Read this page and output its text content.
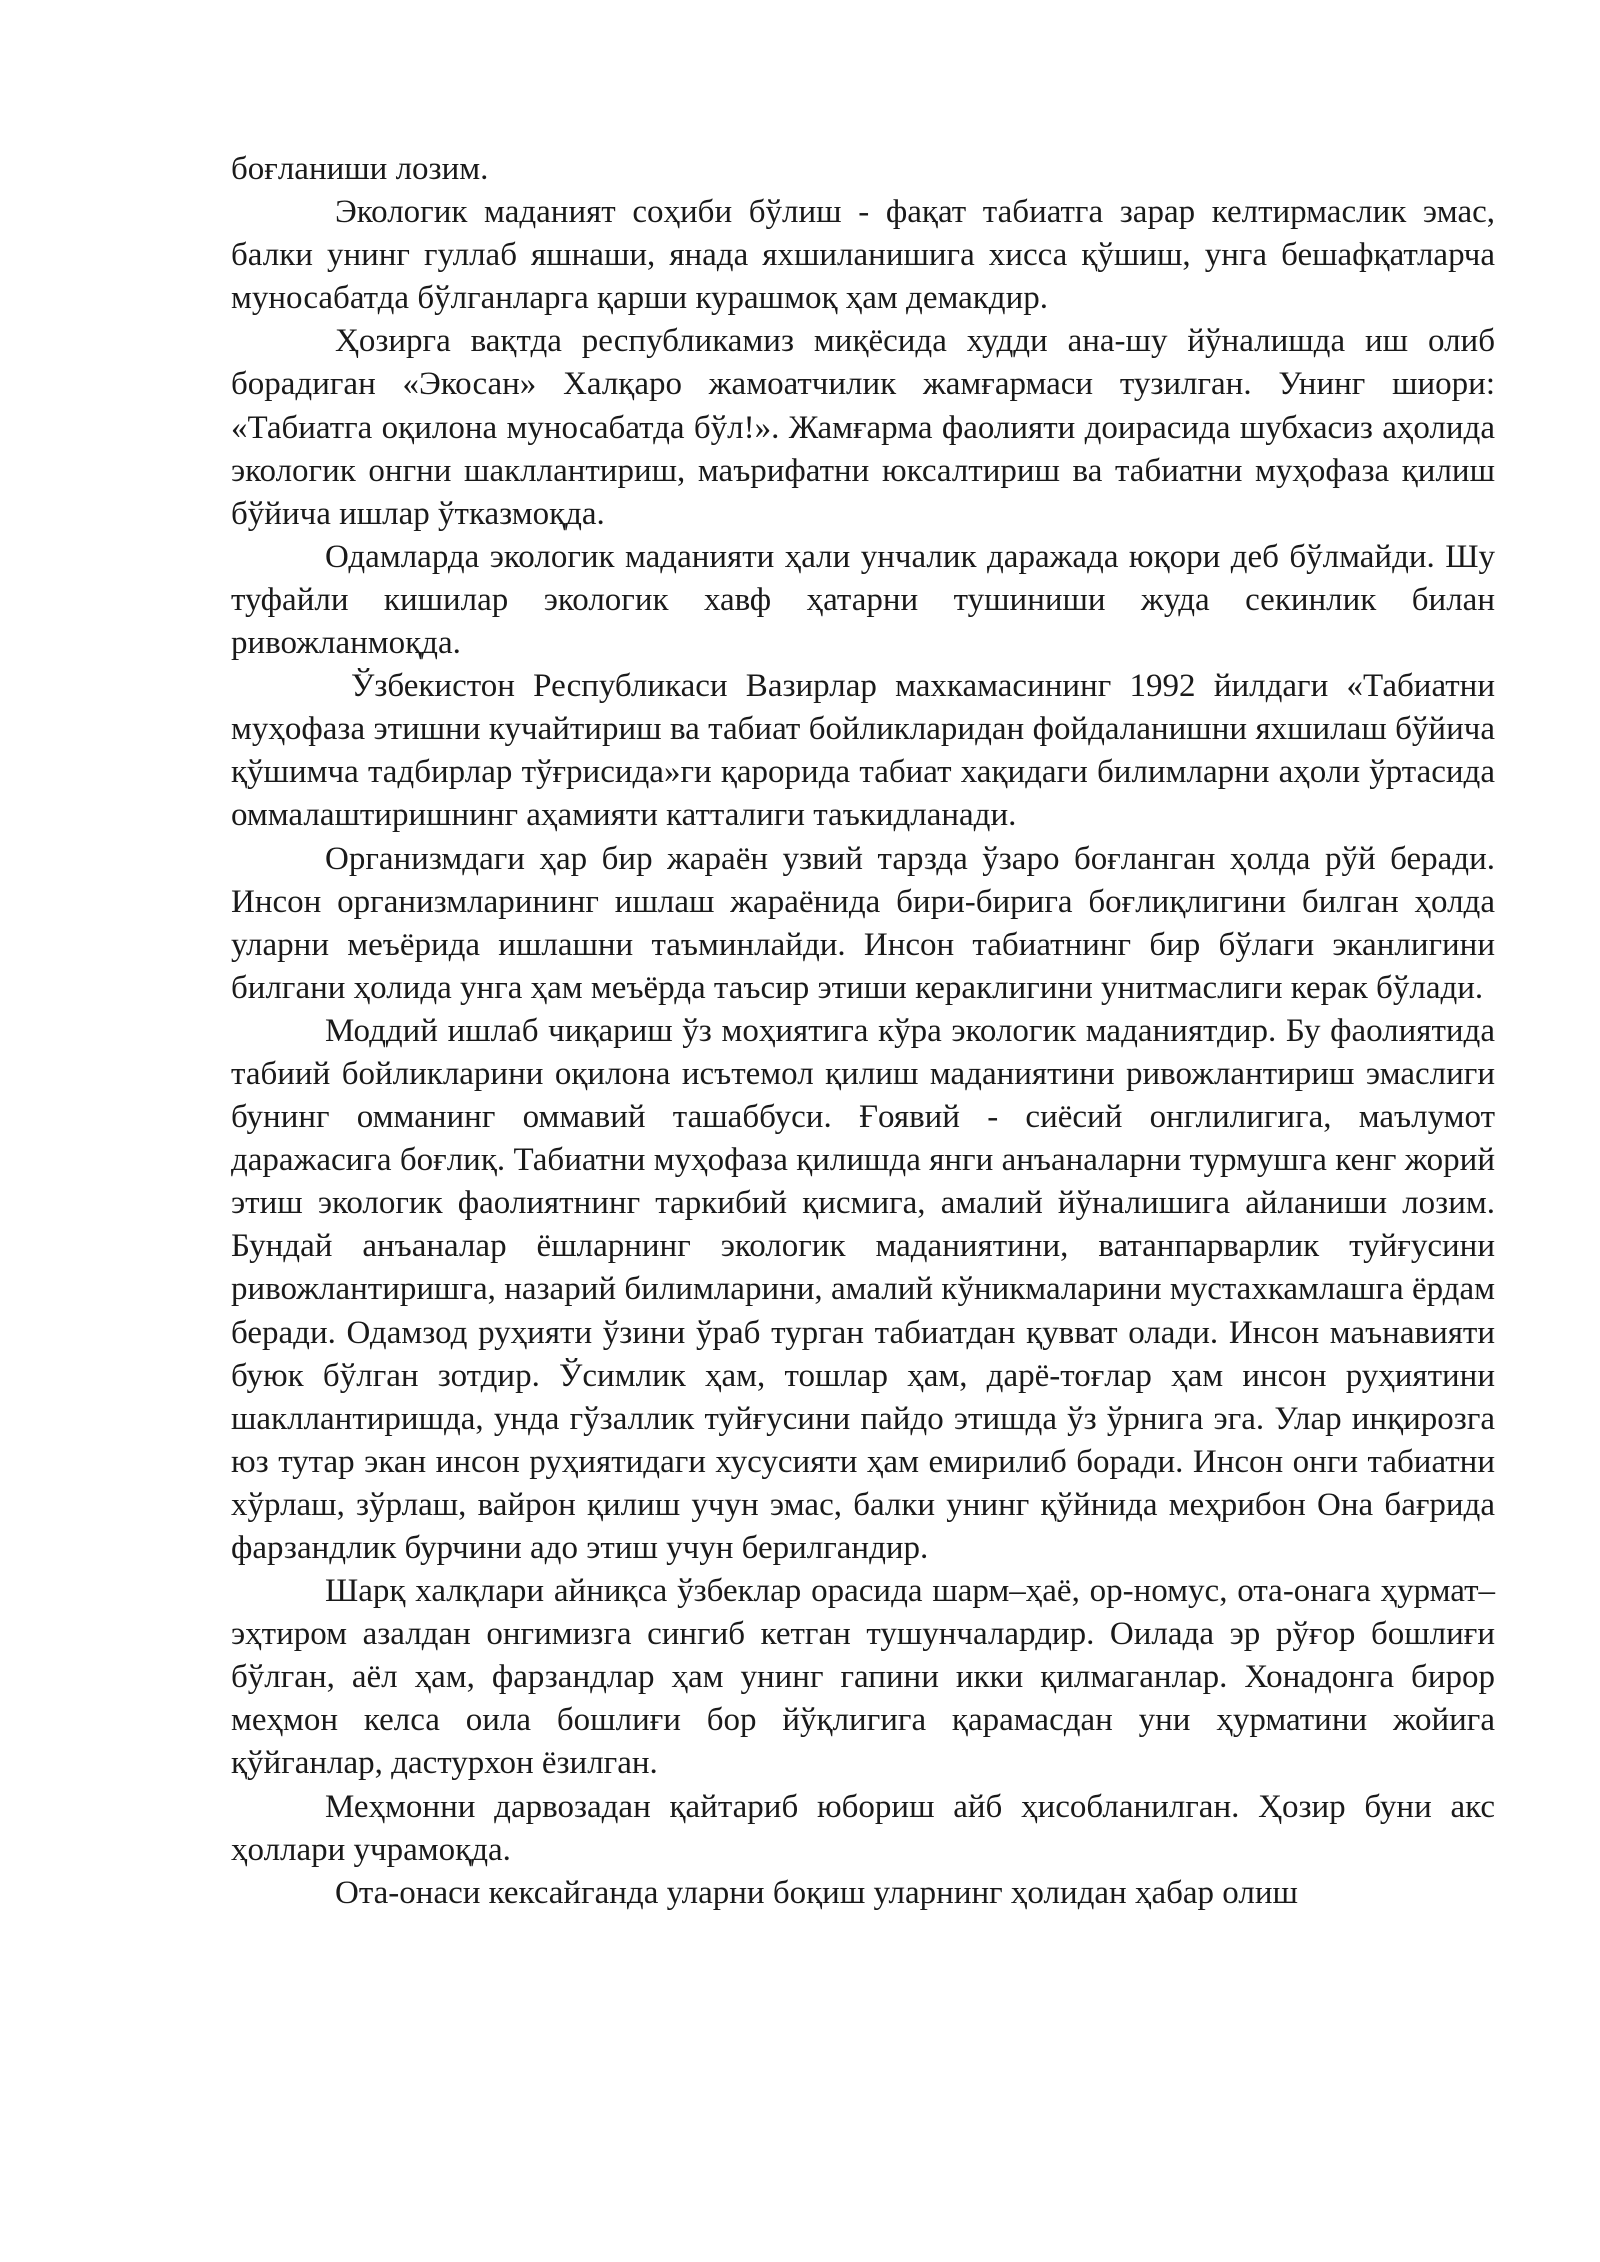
боғланиши лозим.

Экологик маданият соҳиби бўлиш - фақат табиатга зарар келтирмаслик эмас, балки унинг гуллаб яшнаши, янада яхшиланишига хисса қўшиш, унга бешафқатларча муносабатда бўлганларга қарши курашмоқ ҳам демакдир.

Ҳозирга вақтда республикамиз миқёсида худди ана-шу йўналишда иш олиб борадиган «Экосан» Халқаро жамоатчилик жамғармаси тузилган. Унинг шиори: «Табиатга оқилона муносабатда бўл!». Жамғарма фаолияти доирасида шубхасиз аҳолида экологик онгни шакллантириш, маърифатни юксалтириш ва табиатни муҳофаза қилиш бўйича ишлар ўтказмоқда.

Одамларда экологик маданияти ҳали унчалик даражада юқори деб бўлмайди. Шу туфайли кишилар экологик хавф ҳатарни тушиниши жуда секинлик билан ривожланмоқда.

Ўзбекистон Республикаси Вазирлар махкамасининг 1992 йилдаги «Табиатни муҳофаза этишни кучайтириш ва табиат бойликларидан фойдаланишни яхшилаш бўйича қўшимча тадбирлар тўғрисида»ги қарорида табиат хақидаги билимларни аҳоли ўртасида оммалаштиришнинг аҳамияти катталиги таъкидланади.

Организмдаги ҳар бир жараён узвий тарзда ўзаро боғланган ҳолда рўй беради. Инсон организмларининг ишлаш жараёнида бири-бирига боғлиқлигини билган ҳолда уларни меъёрида ишлашни таъминлайди. Инсон табиатнинг бир бўлаги эканлигини билгани ҳолида унга ҳам меъёрда таъсир этиши кераклигини унитмаслиги керак бўлади.

Моддий ишлаб чиқариш ўз моҳиятига кўра экологик маданиятдир. Бу фаолиятида табиий бойликларини оқилона исътемол қилиш маданиятини ривожлантириш эмаслиги бунинг омманинг оммавий ташаббуси. Ғоявий - сиёсий онглилигига, маълумот даражасига боғлиқ. Табиатни муҳофаза қилишда янги анъаналарни турмушга кенг жорий этиш экологик фаолиятнинг таркибий қисмига, амалий йўналишига айланиши лозим. Бундай анъаналар ёшларнинг экологик маданиятини, ватанпарварлик туйғусини ривожлантиришга, назарий билимларини, амалий кўникмаларини мустахкамлашга ёрдам беради. Одамзод руҳияти ўзини ўраб турган табиатдан қувват олади. Инсон маънавияти буюк бўлган зотдир. Ўсимлик ҳам, тошлар ҳам, дарё-тоғлар ҳам инсон руҳиятини шакллантиришда, унда гўзаллик туйғусини пайдо этишда ўз ўрнига эга. Улар инқирозга юз тутар экан инсон руҳиятидаги хусусияти ҳам емирилиб боради. Инсон онги табиатни хўрлаш, зўрлаш, вайрон қилиш учун эмас, балки унинг қўйнида меҳрибон Она бағрида фарзандлик бурчини адо этиш учун берилгандир.

Шарқ халқлари айниқса ўзбеклар орасида шарм–ҳаё, ор-номус, ота-онага ҳурмат–эҳтиром азалдан онгимизга сингиб кетган тушунчалардир. Оилада эр рўғор бошлиғи бўлган, аёл ҳам, фарзандлар ҳам унинг гапини икки қилмаганлар. Хонадонга бирор меҳмон келса оила бошлиғи бор йўқлигига қарамасдан уни ҳурматини жойига қўйганлар, дастурхон ёзилган.

Меҳмонни дарвозадан қайтариб юбориш айб ҳисобланилган. Ҳозир буни акс ҳоллари учрамоқда.

Ота-онаси кексайганда уларни боқиш уларнинг ҳолидан ҳабар олиш
